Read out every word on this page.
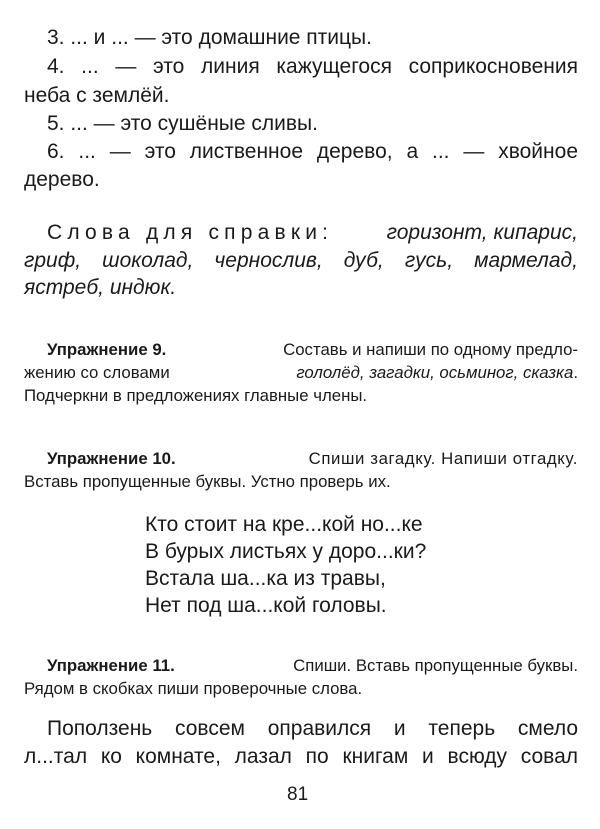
3. ... и ... — это домашние птицы.
4. ... — это линия кажущегося соприкосновения
неба с землёй.
5. ... — это сушёные сливы.
6. ... — это лиственное дерево, а ... — хвойное
дерево.
Слова для справки:	горизонт, кипарис,
гриф, шоколад, чернослив, дуб, гусь, мармелад,
ястреб, индюк.
Упражнение 9.	Составь и напиши по одному предло-
жению со словами	гололёд, загадки, осьминог, сказка.
Подчеркни в предложениях главные члены.
Упражнение 10.	Спиши загадку. Напиши отгадку.
Вставь пропущенные буквы. Устно проверь их.
Кто стоит на кре...кой но...ке
В бурых листьях у доро...ки?
Встала ша...ка из травы,
Нет под ша...кой головы.
Упражнение 11.	Спиши. Вставь пропущенные буквы.
Рядом в скобках пиши проверочные слова.
Поползень совсем оправился и теперь смело
л...тал ко комнате, лазал по книгам и всюду совал
81
